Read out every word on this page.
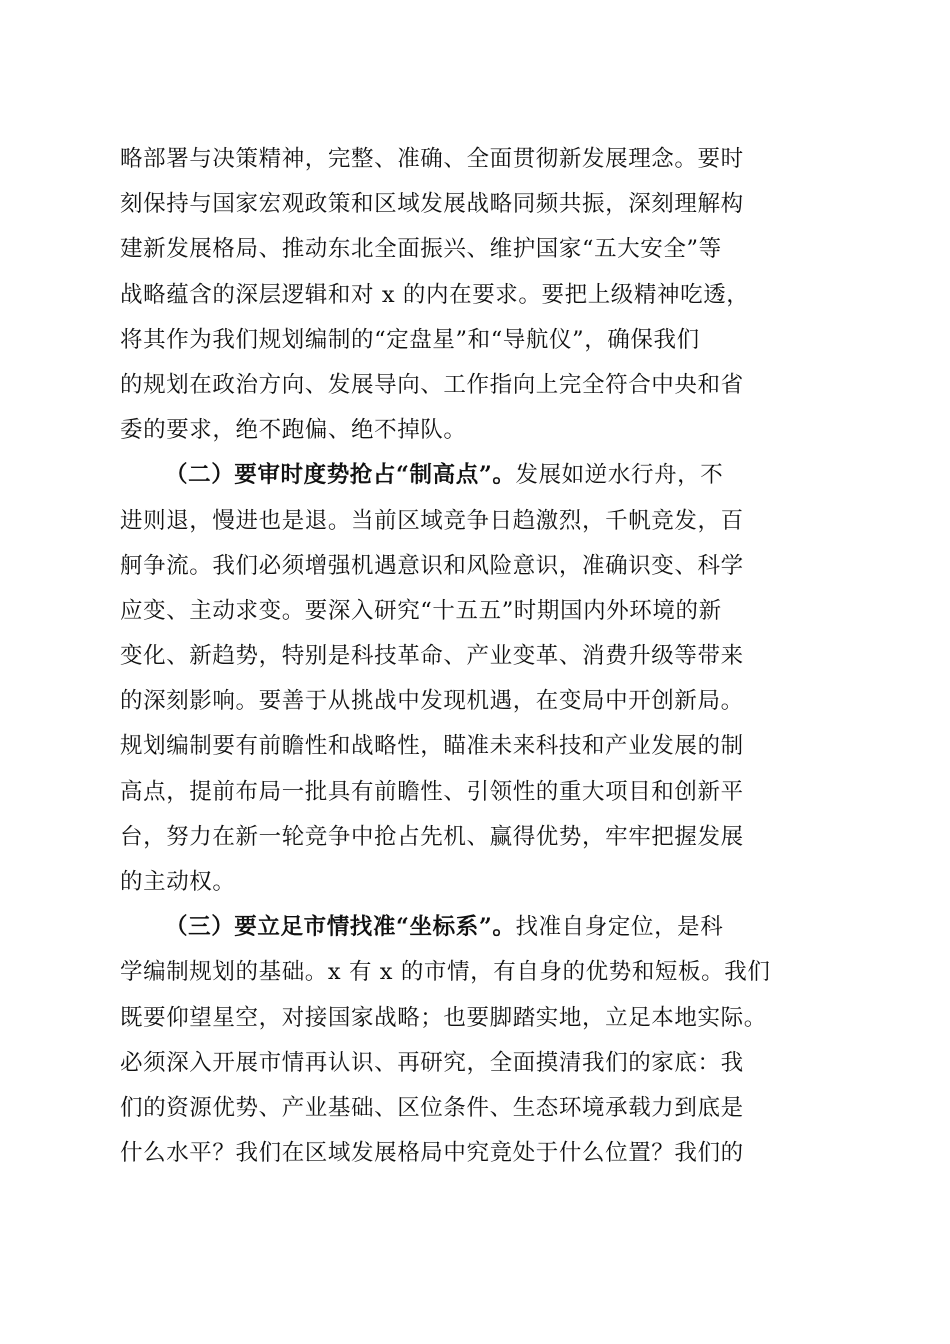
略部署与决策精神，完整、准确、全面贯彻新发展理念。要时
刻保持与国家宏观政策和区域发展战略同频共振，深刻理解构
建新发展格局、推动东北全面振兴、维护国家“五大安全”等
战略蕴含的深层逻辑和对 x 的内在要求。要把上级精神吃透，
将其作为我们规划编制的“定盘星”和“导航仪”，确保我们
的规划在政治方向、发展导向、工作指向上完全符合中央和省
委的要求，绝不跑偏、绝不掉队。
（二）要审时度势抢占“制高点”。发展如逆水行舟，不
进则退，慢进也是退。当前区域竞争日趋激烈，千帆竞发，百
舸争流。我们必须增强机遇意识和风险意识，准确识变、科学
应变、主动求变。要深入研究“十五五”时期国内外环境的新
变化、新趋势，特别是科技革命、产业变革、消费升级等带来
的深刻影响。要善于从挑战中发现机遇，在变局中开创新局。
规划编制要有前瞻性和战略性，瞄准未来科技和产业发展的制
高点，提前布局一批具有前瞻性、引领性的重大项目和创新平
台，努力在新一轮竞争中抢占先机、赢得优势，牢牢把握发展
的主动权。
（三）要立足市情找准“坐标系”。找准自身定位，是科
学编制规划的基础。x 有 x 的市情，有自身的优势和短板。我们
既要仰望星空，对接国家战略；也要脚踏实地，立足本地实际。
必须深入开展市情再认识、再研究，全面摸清我们的家底：我
们的资源优势、产业基础、区位条件、生态环境承载力到底是
什么水平？我们在区域发展格局中究竟处于什么位置？我们的
